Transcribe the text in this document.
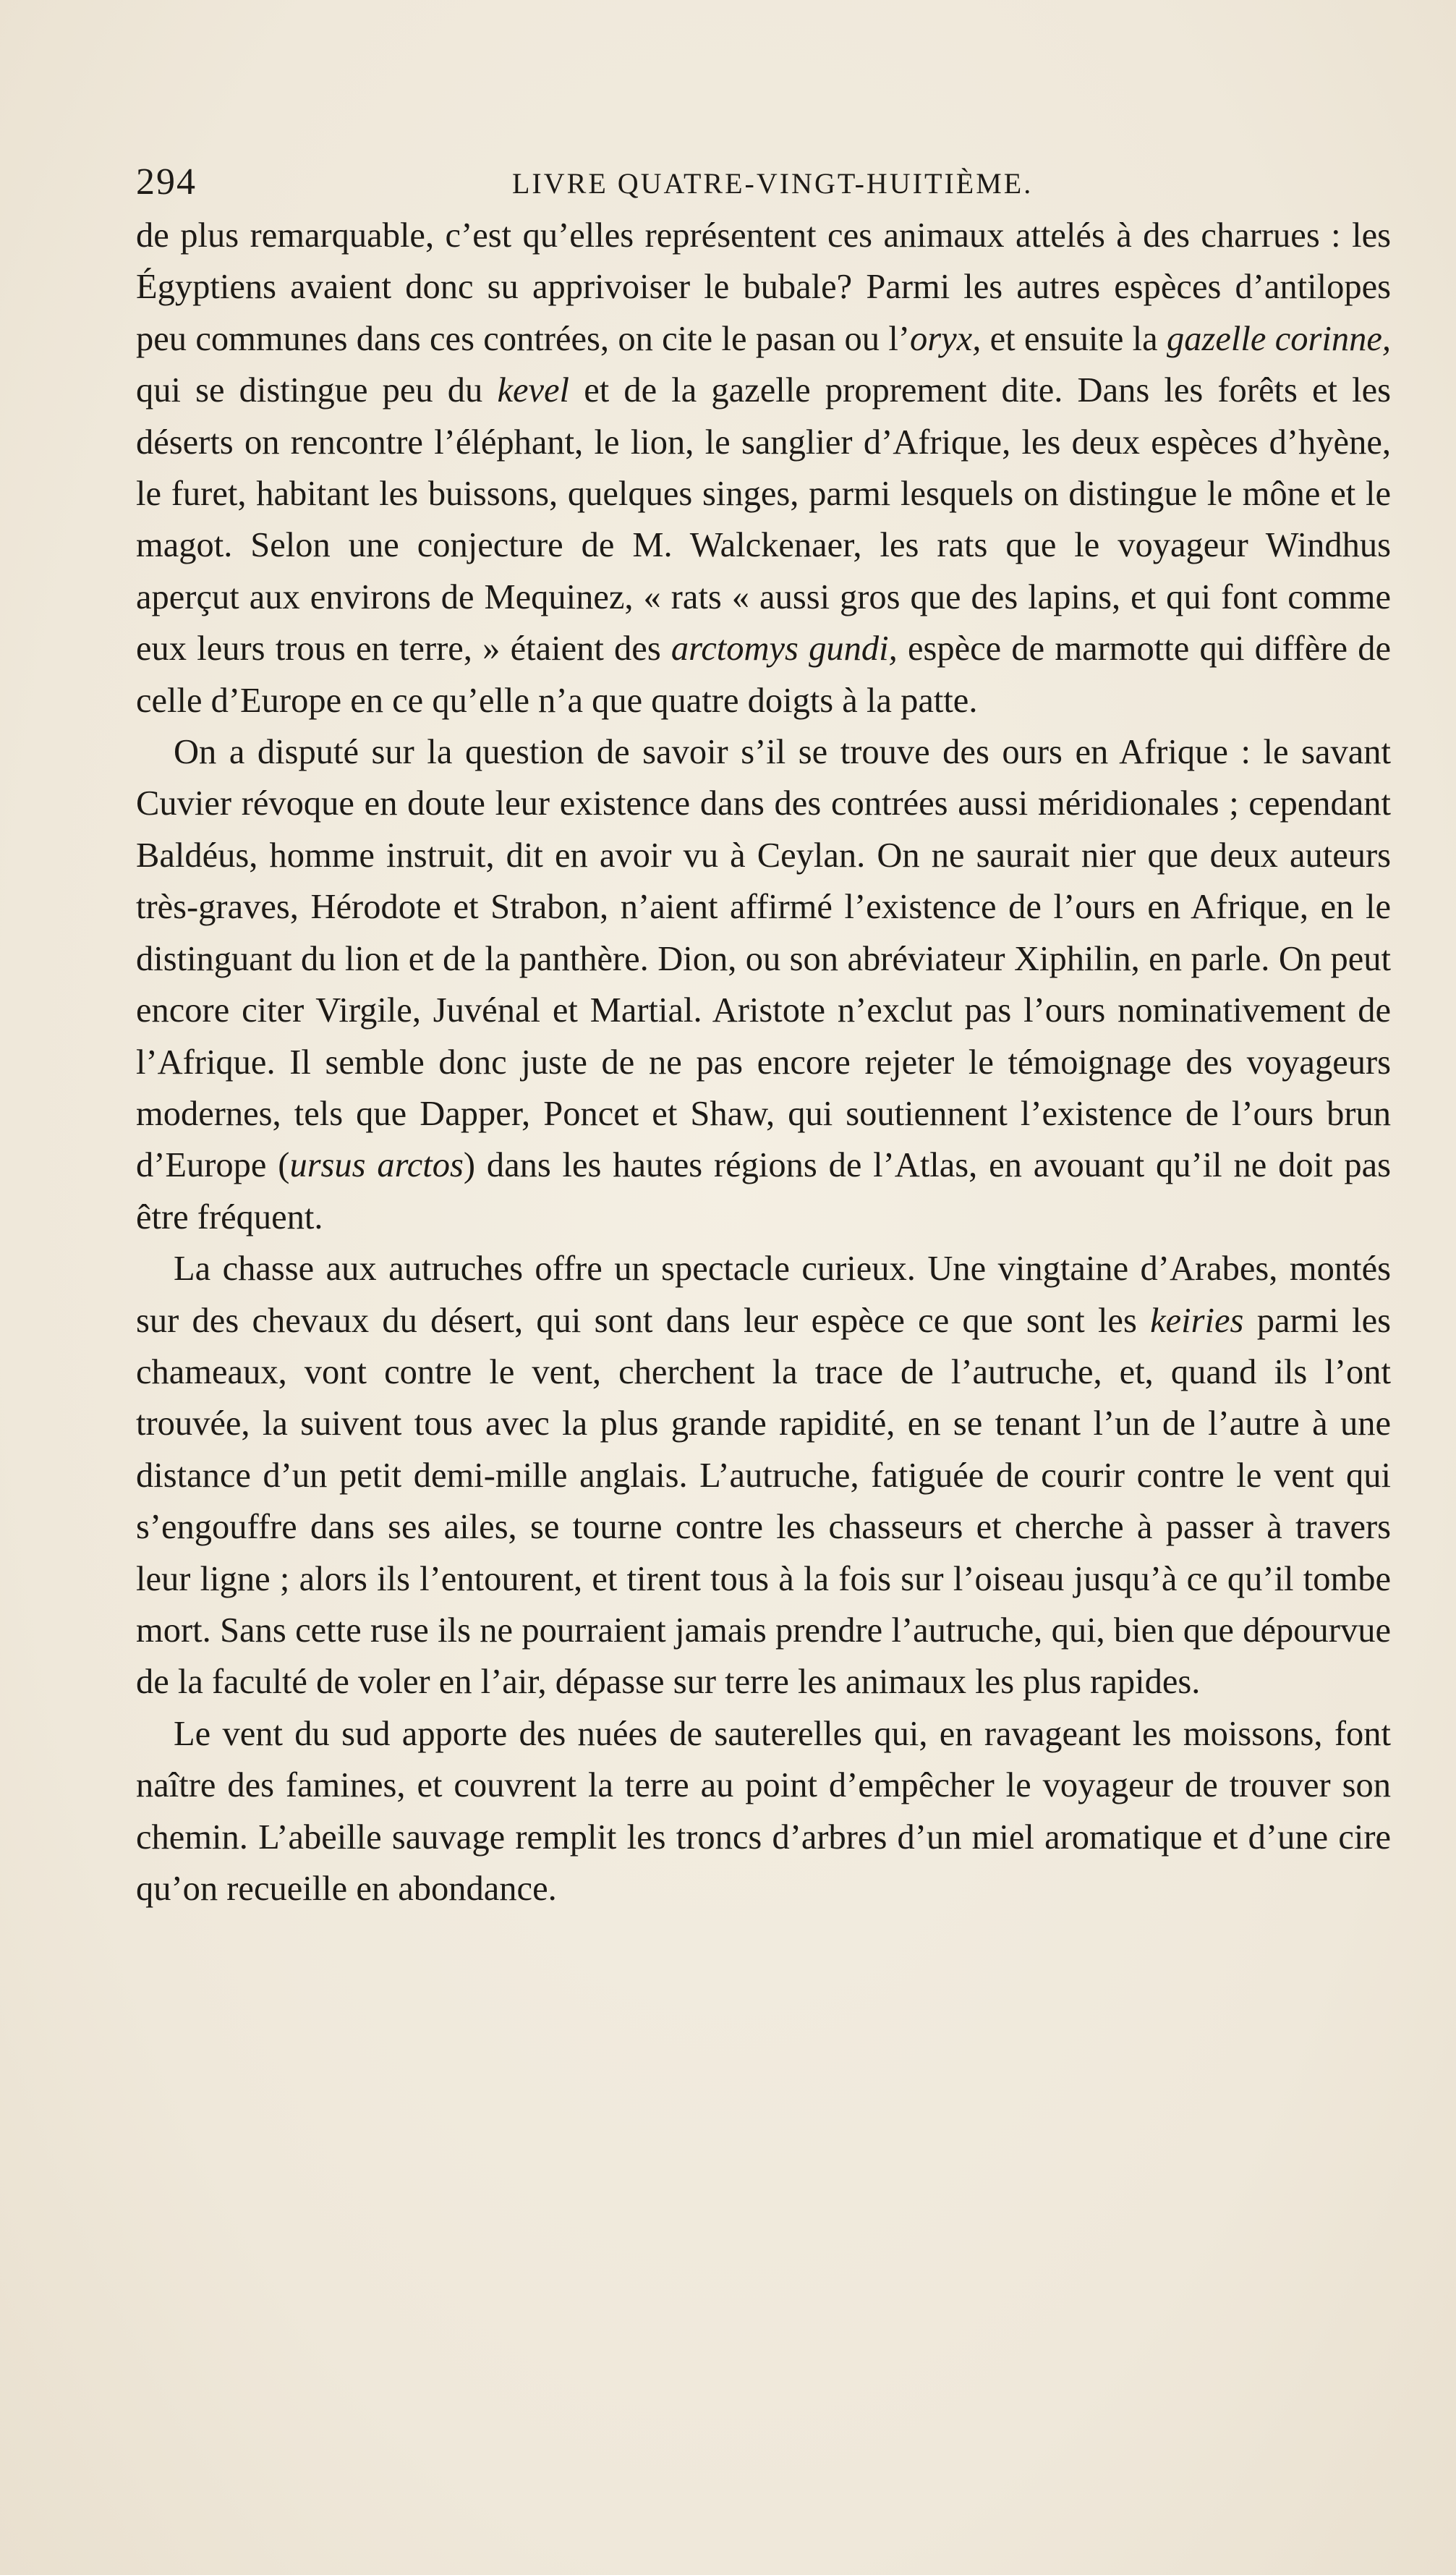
294	LIVRE QUATRE-VINGT-HUITIÈME.

de plus remarquable, c’est qu’elles représentent ces animaux attelés à des charrues : les Égyptiens avaient donc su apprivoiser le bubale? Parmi les autres espèces d’antilopes peu communes dans ces contrées, on cite le pasan ou l’oryx, et ensuite la gazelle corinne, qui se distingue peu du kevel et de la gazelle proprement dite. Dans les forêts et les déserts on rencontre l’éléphant, le lion, le sanglier d’Afrique, les deux espèces d’hyène, le furet, habitant les buissons, quelques singes, parmi lesquels on distingue le mône et le magot. Selon une conjecture de M. Walckenaer, les rats que le voyageur Windhus aperçut aux environs de Mequinez, « rats « aussi gros que des lapins, et qui font comme eux leurs trous en terre, » étaient des arctomys gundi, espèce de marmotte qui diffère de celle d’Europe en ce qu’elle n’a que quatre doigts à la patte.

On a disputé sur la question de savoir s’il se trouve des ours en Afrique : le savant Cuvier révoque en doute leur existence dans des contrées aussi méridionales ; cependant Baldéus, homme instruit, dit en avoir vu à Ceylan. On ne saurait nier que deux auteurs très-graves, Hérodote et Strabon, n’aient affirmé l’existence de l’ours en Afrique, en le distinguant du lion et de la panthère. Dion, ou son abréviateur Xiphilin, en parle. On peut encore citer Virgile, Juvénal et Martial. Aristote n’exclut pas l’ours nominativement de l’Afrique. Il semble donc juste de ne pas encore rejeter le témoignage des voyageurs modernes, tels que Dapper, Poncet et Shaw, qui soutiennent l’existence de l’ours brun d’Europe (ursus arctos) dans les hautes régions de l’Atlas, en avouant qu’il ne doit pas être fréquent.

La chasse aux autruches offre un spectacle curieux. Une vingtaine d’Arabes, montés sur des chevaux du désert, qui sont dans leur espèce ce que sont les keiries parmi les chameaux, vont contre le vent, cherchent la trace de l’autruche, et, quand ils l’ont trouvée, la suivent tous avec la plus grande rapidité, en se tenant l’un de l’autre à une distance d’un petit demi-mille anglais. L’autruche, fatiguée de courir contre le vent qui s’engouffre dans ses ailes, se tourne contre les chasseurs et cherche à passer à travers leur ligne ; alors ils l’entourent, et tirent tous à la fois sur l’oiseau jusqu’à ce qu’il tombe mort. Sans cette ruse ils ne pourraient jamais prendre l’autruche, qui, bien que dépourvue de la faculté de voler en l’air, dépasse sur terre les animaux les plus rapides.

Le vent du sud apporte des nuées de sauterelles qui, en ravageant les moissons, font naître des famines, et couvrent la terre au point d’empêcher le voyageur de trouver son chemin. L’abeille sauvage remplit les troncs d’arbres d’un miel aromatique et d’une cire qu’on recueille en abondance.
